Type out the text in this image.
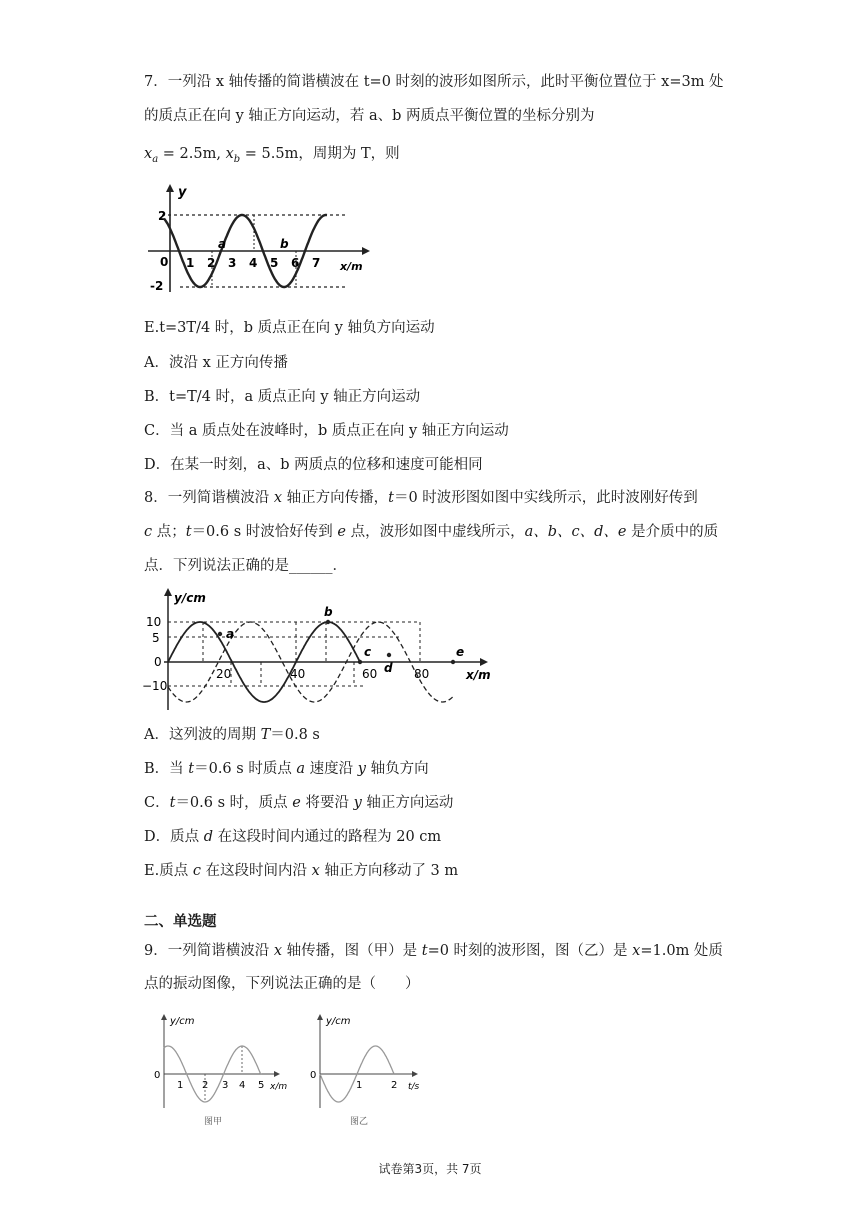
7．一列沿 x 轴传播的简谐横波在 t=0 时刻的波形如图所示，此时平衡位置位于 x=3m 处
的质点正在向 y 轴正方向运动，若 a、b 两质点平衡位置的坐标分别为
$x_a = 2.5m$, $x_b = 5.5m$，周期为 T，则
y
x/m
2
-2
0 1 2 3 4 5 6 7
a	b
E.t=3T/4 时，b 质点正在向 y 轴负方向运动
A．波沿 x 正方向传播
B．t=T/4 时，a 质点正向 y 轴正方向运动
C．当 a 质点处在波峰时，b 质点正在向 y 轴正方向运动
D．在某一时刻，a、b 两质点的位移和速度可能相同
8．一列简谐横波沿 x 轴正方向传播，t＝0 时波形图如图中实线所示，此时波刚好传到
c 点；t＝0.6 s 时波恰好传到 e 点，波形如图中虚线所示，a、b、c、d、e 是介质中的质
点．下列说法正确的是______．
y/cm
x/m
10
5
0
−10
20	40	60	80
a
b
c
d
e
A．这列波的周期 T＝0.8 s
B．当 t＝0.6 s 时质点 a 速度沿 y 轴负方向
C．t＝0.6 s 时，质点 e 将要沿 y 轴正方向运动
D．质点 d 在这段时间内通过的路程为 20 cm
E.质点 c 在这段时间内沿 x 轴正方向移动了 3 m
二、单选题
9．一列简谐横波沿 x 轴传播，图（甲）是 t=0 时刻的波形图，图（乙）是 x=1.0m 处质
点的振动图像，下列说法正确的是（　　）
y/cm
x/m
0
1 2 3 4 5
图甲
y/cm
t/s
0
1	2
图乙
试卷第3页，共 7页
